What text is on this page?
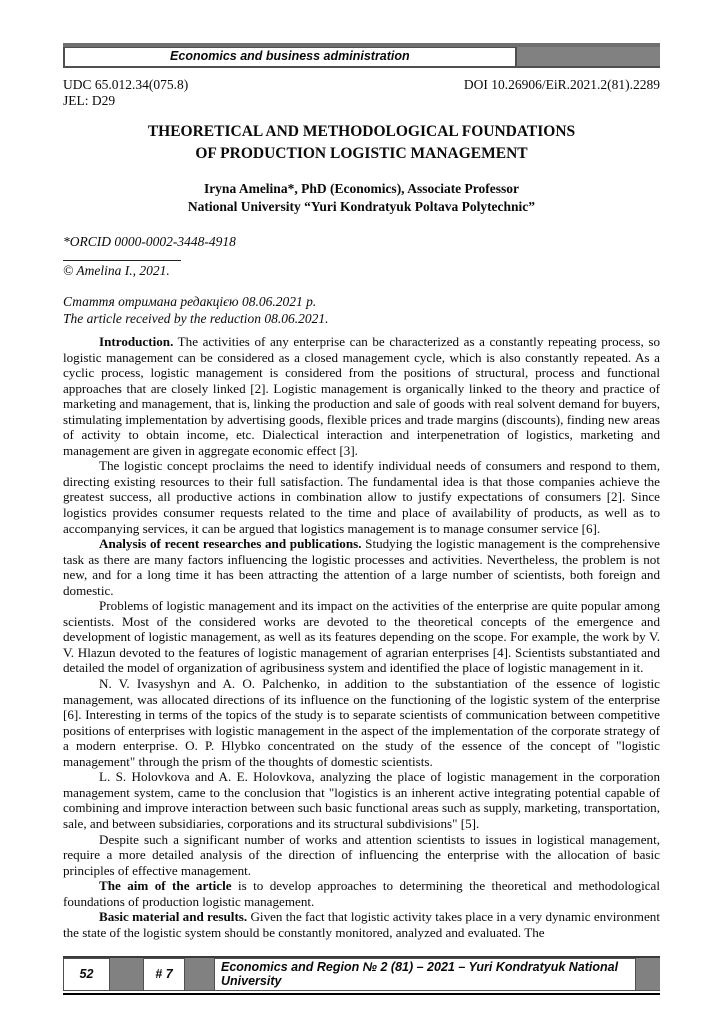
Economics and business administration
UDC 65.012.34(075.8)	DOI 10.26906/EiR.2021.2(81).2289
JEL: D29
THEORETICAL AND METHODOLOGICAL FOUNDATIONS OF PRODUCTION LOGISTIC MANAGEMENT
Iryna Amelina*, PhD (Economics), Associate Professor
National University “Yuri Kondratyuk Poltava Polytechnic”
*ORCID 0000-0002-3448-4918
© Amelina I., 2021.
Стаття отримана редакцією 08.06.2021 р.
The article received by the reduction 08.06.2021.

Introduction. The activities of any enterprise can be characterized as a constantly repeating process, so logistic management can be considered as a closed management cycle, which is also constantly repeated. As a cyclic process, logistic management is considered from the positions of structural, process and functional approaches that are closely linked [2]. Logistic management is organically linked to the theory and practice of marketing and management, that is, linking the production and sale of goods with real solvent demand for buyers, stimulating implementation by advertising goods, flexible prices and trade margins (discounts), finding new areas of activity to obtain income, etc. Dialectical interaction and interpenetration of logistics, marketing and management are given in aggregate economic effect [3].

The logistic concept proclaims the need to identify individual needs of consumers and respond to them, directing existing resources to their full satisfaction. The fundamental idea is that those companies achieve the greatest success, all productive actions in combination allow to justify expectations of consumers [2]. Since logistics provides consumer requests related to the time and place of availability of products, as well as to accompanying services, it can be argued that logistics management is to manage consumer service [6].

Analysis of recent researches and publications. Studying the logistic management is the comprehensive task as there are many factors influencing the logistic processes and activities. Nevertheless, the problem is not new, and for a long time it has been attracting the attention of a large number of scientists, both foreign and domestic.

Problems of logistic management and its impact on the activities of the enterprise are quite popular among scientists. Most of the considered works are devoted to the theoretical concepts of the emergence and development of logistic management, as well as its features depending on the scope. For example, the work by V. V. Hlazun devoted to the features of logistic management of agrarian enterprises [4]. Scientists substantiated and detailed the model of organization of agribusiness system and identified the place of logistic management in it.

N. V. Ivasyshyn and A. O. Palchenko, in addition to the substantiation of the essence of logistic management, was allocated directions of its influence on the functioning of the logistic system of the enterprise [6]. Interesting in terms of the topics of the study is to separate scientists of communication between competitive positions of enterprises with logistic management in the aspect of the implementation of the corporate strategy of a modern enterprise. O. P. Hlybko concentrated on the study of the essence of the concept of "logistic management" through the prism of the thoughts of domestic scientists.

L. S. Holovkova and A. E. Holovkova, analyzing the place of logistic management in the corporation management system, came to the conclusion that "logistics is an inherent active integrating potential capable of combining and improve interaction between such basic functional areas such as supply, marketing, transportation, sale, and between subsidiaries, corporations and its structural subdivisions" [5].

Despite such a significant number of works and attention scientists to issues in logistical management, require a more detailed analysis of the direction of influencing the enterprise with the allocation of basic principles of effective management.

The aim of the article is to develop approaches to determining the theoretical and methodological foundations of production logistic management.

Basic material and results. Given the fact that logistic activity takes place in a very dynamic environment the state of the logistic system should be constantly monitored, analyzed and evaluated. The

52	# 7	Economics and Region № 2 (81) – 2021 – Yuri Kondratyuk National University
